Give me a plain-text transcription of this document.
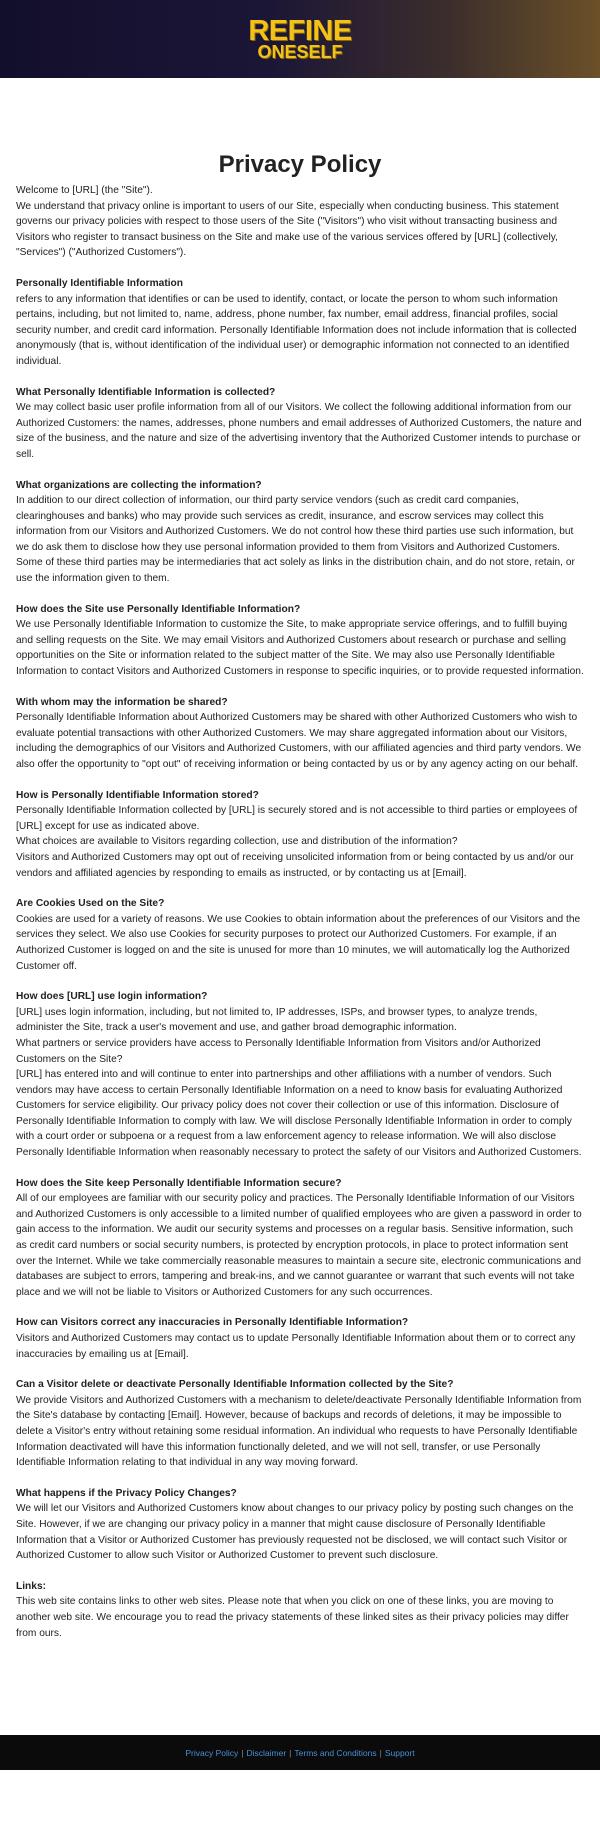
REFINE
ONESELF
Privacy Policy

Welcome to [URL] (the "Site").

We understand that privacy online is important to users of our Site, especially when conducting business. This statement governs our privacy policies with respect to those users of the Site ("Visitors") who visit without transacting business and Visitors who register to transact business on the Site and make use of the various services offered by [URL] (collectively, "Services") ("Authorized Customers").

Personally Identifiable Information

refers to any information that identifies or can be used to identify, contact, or locate the person to whom such information pertains, including, but not limited to, name, address, phone number, fax number, email address, financial profiles, social security number, and credit card information. Personally Identifiable Information does not include information that is collected anonymously (that is, without identification of the individual user) or demographic information not connected to an identified individual.

What Personally Identifiable Information is collected?

We may collect basic user profile information from all of our Visitors. We collect the following additional information from our Authorized Customers: the names, addresses, phone numbers and email addresses of Authorized Customers, the nature and size of the business, and the nature and size of the advertising inventory that the Authorized Customer intends to purchase or sell.

What organizations are collecting the information?

In addition to our direct collection of information, our third party service vendors (such as credit card companies, clearinghouses and banks) who may provide such services as credit, insurance, and escrow services may collect this information from our Visitors and Authorized Customers. We do not control how these third parties use such information, but we do ask them to disclose how they use personal information provided to them from Visitors and Authorized Customers. Some of these third parties may be intermediaries that act solely as links in the distribution chain, and do not store, retain, or use the information given to them.

How does the Site use Personally Identifiable Information?

We use Personally Identifiable Information to customize the Site, to make appropriate service offerings, and to fulfill buying and selling requests on the Site. We may email Visitors and Authorized Customers about research or purchase and selling opportunities on the Site or information related to the subject matter of the Site. We may also use Personally Identifiable Information to contact Visitors and Authorized Customers in response to specific inquiries, or to provide requested information.

With whom may the information be shared?

Personally Identifiable Information about Authorized Customers may be shared with other Authorized Customers who wish to evaluate potential transactions with other Authorized Customers. We may share aggregated information about our Visitors, including the demographics of our Visitors and Authorized Customers, with our affiliated agencies and third party vendors. We also offer the opportunity to "opt out" of receiving information or being contacted by us or by any agency acting on our behalf.

How is Personally Identifiable Information stored?

Personally Identifiable Information collected by [URL] is securely stored and is not accessible to third parties or employees of [URL] except for use as indicated above.

What choices are available to Visitors regarding collection, use and distribution of the information?

Visitors and Authorized Customers may opt out of receiving unsolicited information from or being contacted by us and/or our vendors and affiliated agencies by responding to emails as instructed, or by contacting us at [Email].

Are Cookies Used on the Site?

Cookies are used for a variety of reasons. We use Cookies to obtain information about the preferences of our Visitors and the services they select. We also use Cookies for security purposes to protect our Authorized Customers. For example, if an Authorized Customer is logged on and the site is unused for more than 10 minutes, we will automatically log the Authorized Customer off.

How does [URL] use login information?

[URL] uses login information, including, but not limited to, IP addresses, ISPs, and browser types, to analyze trends, administer the Site, track a user's movement and use, and gather broad demographic information.

What partners or service providers have access to Personally Identifiable Information from Visitors and/or Authorized Customers on the Site?

[URL] has entered into and will continue to enter into partnerships and other affiliations with a number of vendors. Such vendors may have access to certain Personally Identifiable Information on a need to know basis for evaluating Authorized Customers for service eligibility. Our privacy policy does not cover their collection or use of this information. Disclosure of Personally Identifiable Information to comply with law. We will disclose Personally Identifiable Information in order to comply with a court order or subpoena or a request from a law enforcement agency to release information. We will also disclose Personally Identifiable Information when reasonably necessary to protect the safety of our Visitors and Authorized Customers.

How does the Site keep Personally Identifiable Information secure?

All of our employees are familiar with our security policy and practices. The Personally Identifiable Information of our Visitors and Authorized Customers is only accessible to a limited number of qualified employees who are given a password in order to gain access to the information. We audit our security systems and processes on a regular basis. Sensitive information, such as credit card numbers or social security numbers, is protected by encryption protocols, in place to protect information sent over the Internet. While we take commercially reasonable measures to maintain a secure site, electronic communications and databases are subject to errors, tampering and break-ins, and we cannot guarantee or warrant that such events will not take place and we will not be liable to Visitors or Authorized Customers for any such occurrences.

How can Visitors correct any inaccuracies in Personally Identifiable Information?

Visitors and Authorized Customers may contact us to update Personally Identifiable Information about them or to correct any inaccuracies by emailing us at [Email].

Can a Visitor delete or deactivate Personally Identifiable Information collected by the Site?

We provide Visitors and Authorized Customers with a mechanism to delete/deactivate Personally Identifiable Information from the Site's database by contacting [Email]. However, because of backups and records of deletions, it may be impossible to delete a Visitor's entry without retaining some residual information. An individual who requests to have Personally Identifiable Information deactivated will have this information functionally deleted, and we will not sell, transfer, or use Personally Identifiable Information relating to that individual in any way moving forward.

What happens if the Privacy Policy Changes?

We will let our Visitors and Authorized Customers know about changes to our privacy policy by posting such changes on the Site. However, if we are changing our privacy policy in a manner that might cause disclosure of Personally Identifiable Information that a Visitor or Authorized Customer has previously requested not be disclosed, we will contact such Visitor or Authorized Customer to allow such Visitor or Authorized Customer to prevent such disclosure.

Links:

This web site contains links to other web sites. Please note that when you click on one of these links, you are moving to another web site. We encourage you to read the privacy statements of these linked sites as their privacy policies may differ from ours.

Privacy Policy | Disclaimer | Terms and Conditions | Support
